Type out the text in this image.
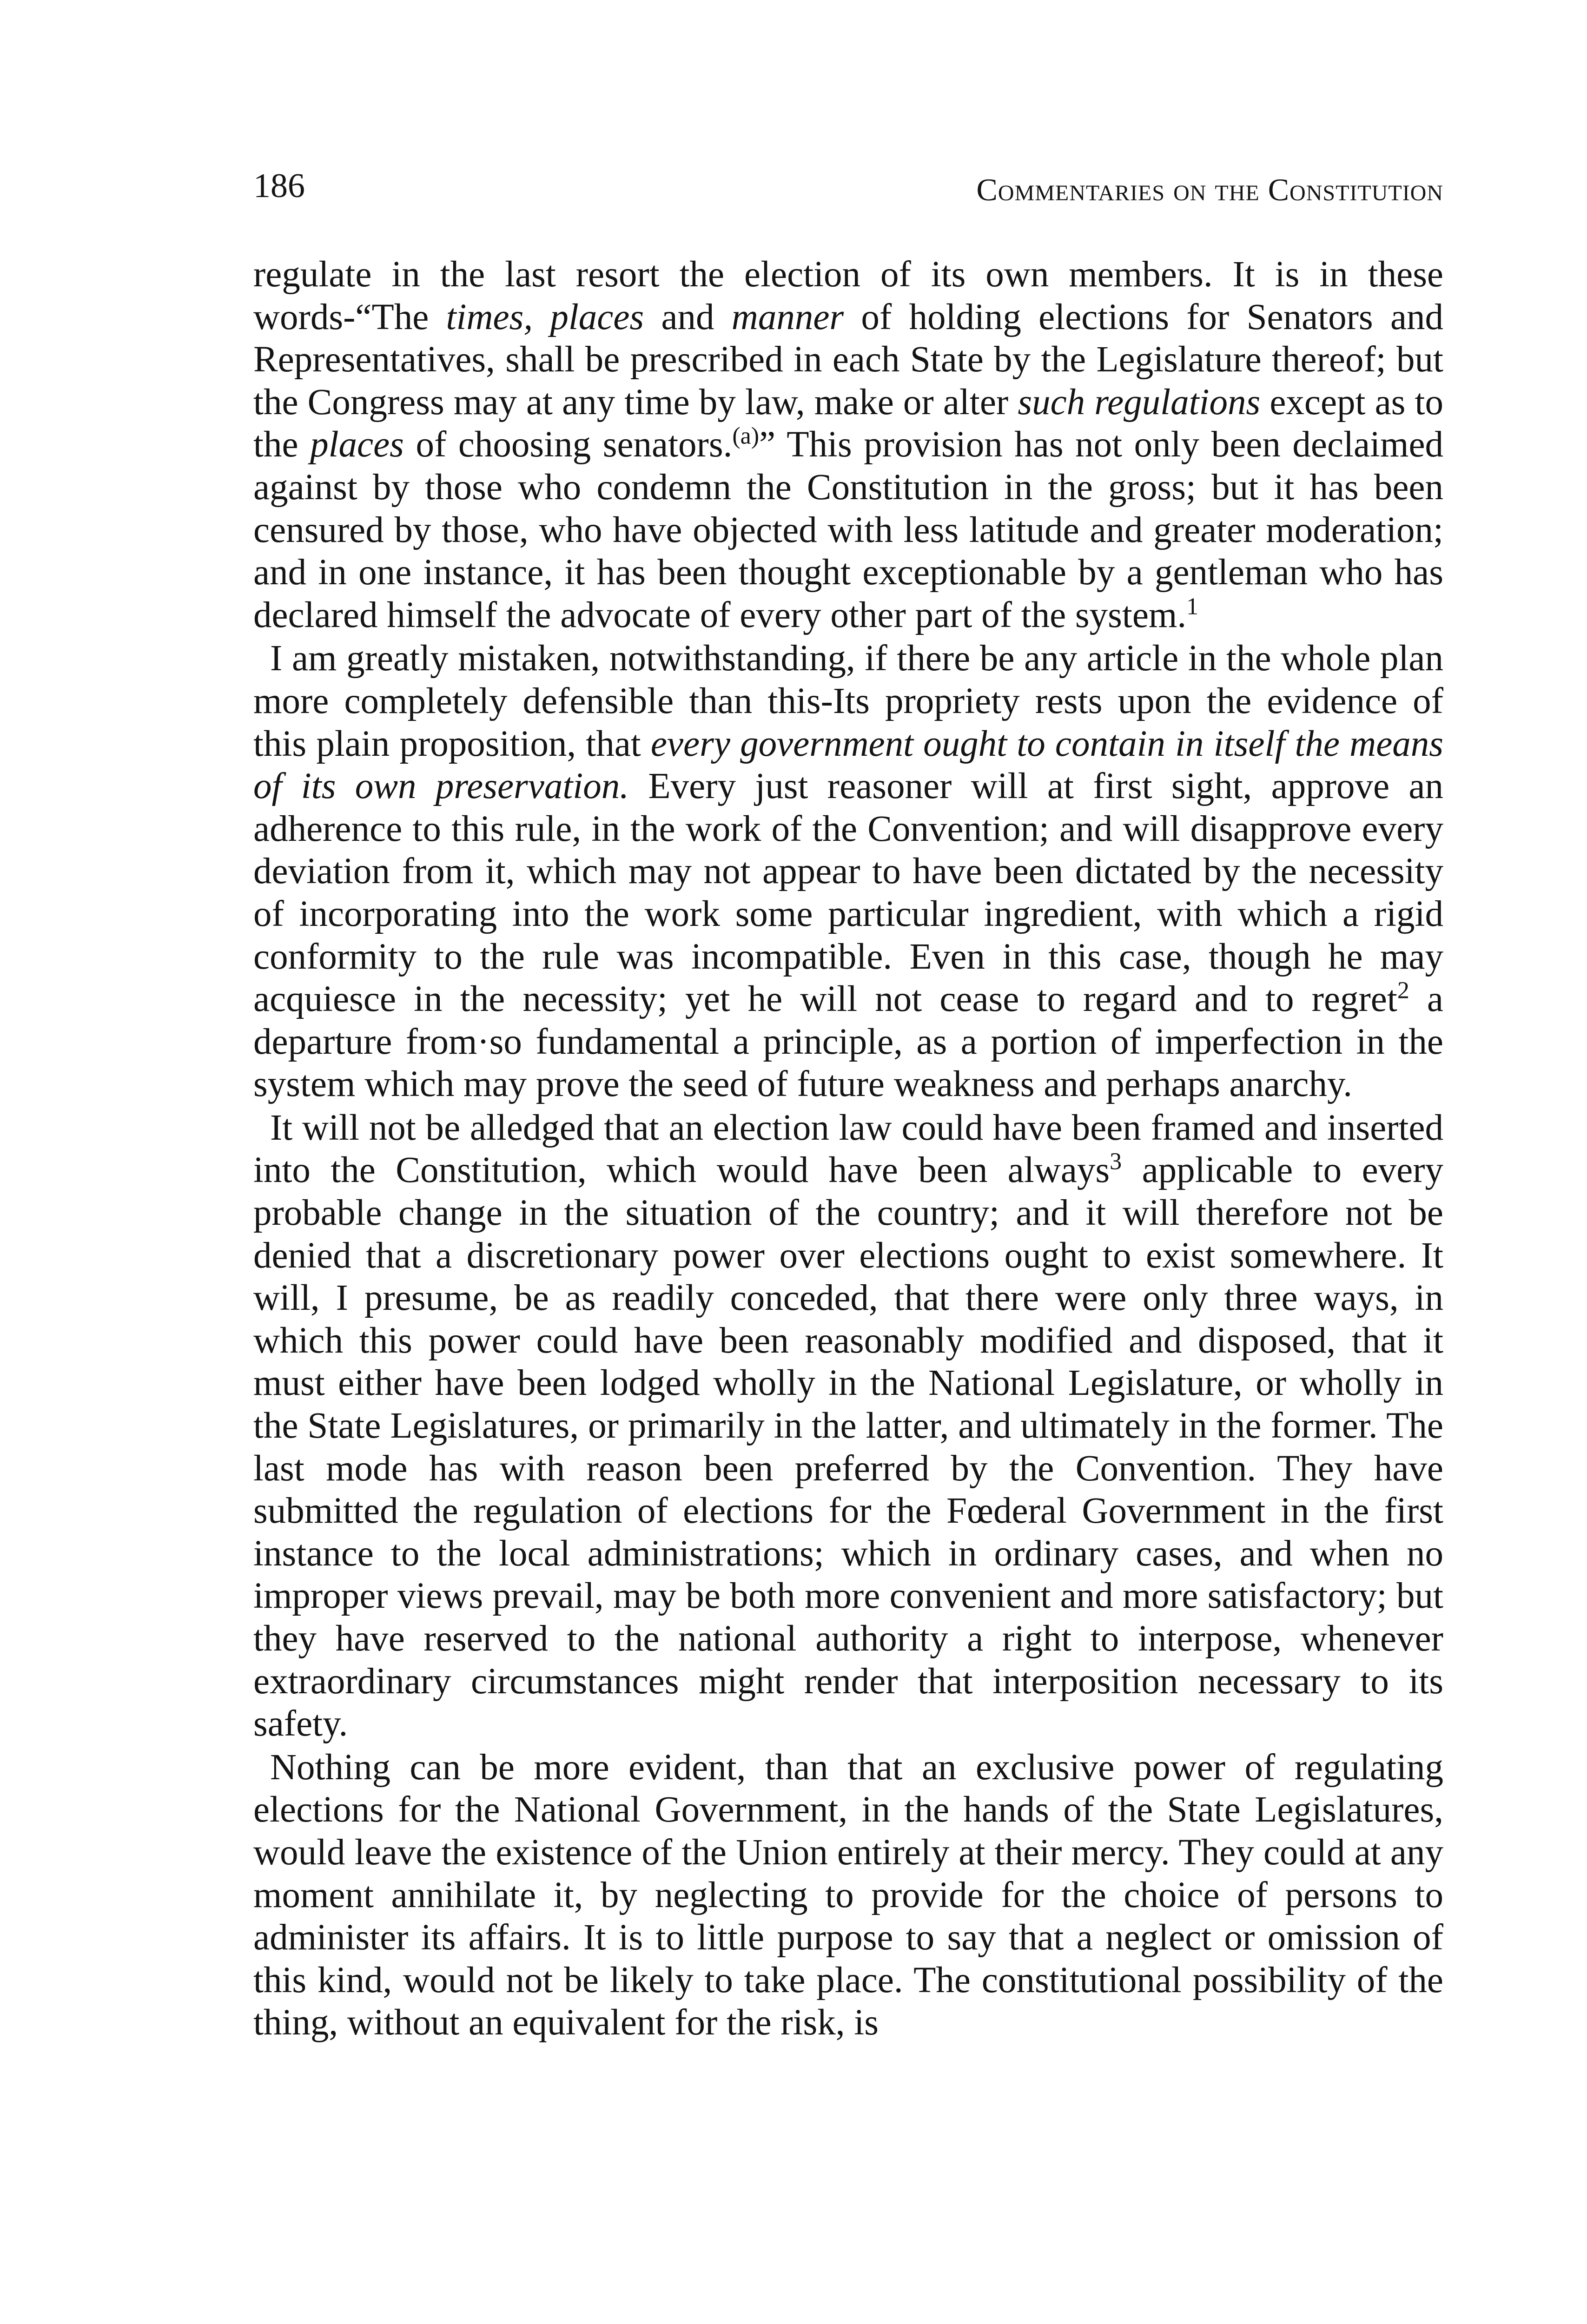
186	Commentaries on the Constitution

regulate in the last resort the election of its own members. It is in these words-“The times, places and manner of holding elections for Senators and Representatives, shall be prescribed in each State by the Legislature thereof; but the Congress may at any time by law, make or alter such regulations except as to the places of choosing senators.$^{(a)}$” This provision has not only been declaimed against by those who condemn the Constitution in the gross; but it has been censured by those, who have objected with less latitude and greater moderation; and in one instance, it has been thought exceptionable by a gentleman who has declared himself the advocate of every other part of the system.$^1$

I am greatly mistaken, notwithstanding, if there be any article in the whole plan more completely defensible than this-Its propriety rests upon the evidence of this plain proposition, that every government ought to contain in itself the means of its own preservation. Every just reasoner will at first sight, approve an adherence to this rule, in the work of the Convention; and will disapprove every deviation from it, which may not appear to have been dictated by the necessity of incorporating into the work some particular ingredient, with which a rigid conformity to the rule was incompatible. Even in this case, though he may acquiesce in the necessity; yet he will not cease to regard and to regret$^2$ a departure from·so fundamental a principle, as a portion of imperfection in the system which may prove the seed of future weakness and perhaps anarchy.

It will not be alledged that an election law could have been framed and inserted into the Constitution, which would have been always$^3$ applicable to every probable change in the situation of the country; and it will therefore not be denied that a discretionary power over elections ought to exist somewhere. It will, I presume, be as readily conceded, that there were only three ways, in which this power could have been reasonably modified and disposed, that it must either have been lodged wholly in the National Legislature, or wholly in the State Legislatures, or primarily in the latter, and ultimately in the former. The last mode has with reason been preferred by the Convention. They have submitted the regulation of elections for the Fœderal Government in the first instance to the local administrations; which in ordinary cases, and when no improper views prevail, may be both more convenient and more satisfactory; but they have reserved to the national authority a right to interpose, whenever extraordinary circumstances might render that interposition necessary to its safety.

Nothing can be more evident, than that an exclusive power of regulating elections for the National Government, in the hands of the State Legislatures, would leave the existence of the Union entirely at their mercy. They could at any moment annihilate it, by neglecting to provide for the choice of persons to administer its affairs. It is to little purpose to say that a neglect or omission of this kind, would not be likely to take place. The constitutional possibility of the thing, without an equivalent for the risk, is
